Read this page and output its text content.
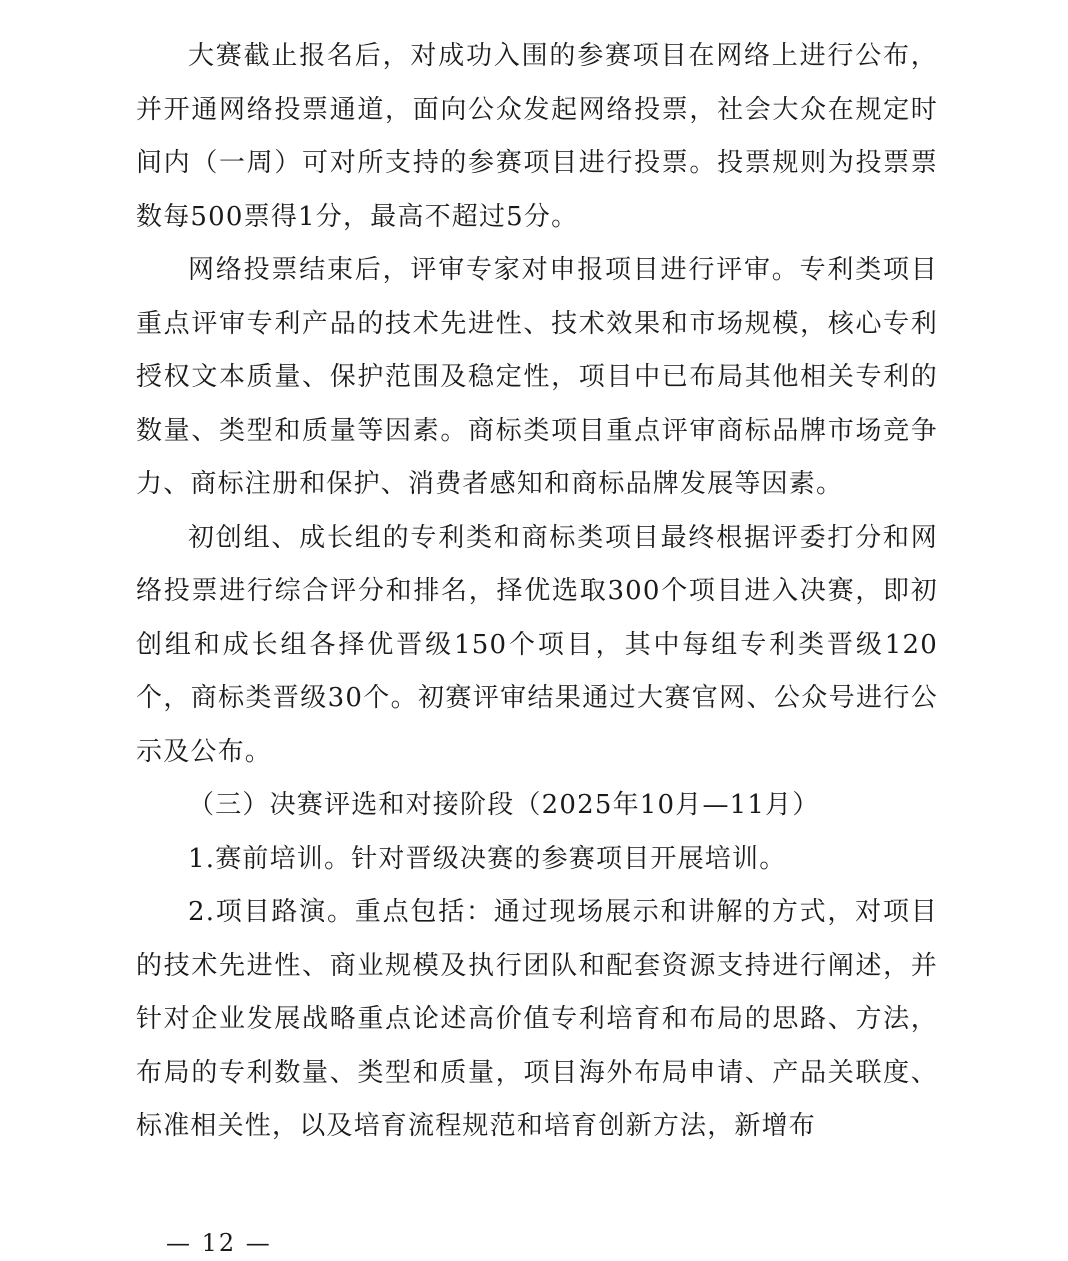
大赛截止报名后，对成功入围的参赛项目在网络上进行公布，并开通网络投票通道，面向公众发起网络投票，社会大众在规定时间内（一周）可对所支持的参赛项目进行投票。投票规则为投票票数每500票得1分，最高不超过5分。

网络投票结束后，评审专家对申报项目进行评审。专利类项目重点评审专利产品的技术先进性、技术效果和市场规模，核心专利授权文本质量、保护范围及稳定性，项目中已布局其他相关专利的数量、类型和质量等因素。商标类项目重点评审商标品牌市场竞争力、商标注册和保护、消费者感知和商标品牌发展等因素。

初创组、成长组的专利类和商标类项目最终根据评委打分和网络投票进行综合评分和排名，择优选取300个项目进入决赛，即初创组和成长组各择优晋级150个项目，其中每组专利类晋级120个，商标类晋级30个。初赛评审结果通过大赛官网、公众号进行公示及公布。

（三）决赛评选和对接阶段（2025年10月—11月）

1.赛前培训。针对晋级决赛的参赛项目开展培训。

2.项目路演。重点包括：通过现场展示和讲解的方式，对项目的技术先进性、商业规模及执行团队和配套资源支持进行阐述，并针对企业发展战略重点论述高价值专利培育和布局的思路、方法，布局的专利数量、类型和质量，项目海外布局申请、产品关联度、标准相关性，以及培育流程规范和培育创新方法，新增布

— 12 —
